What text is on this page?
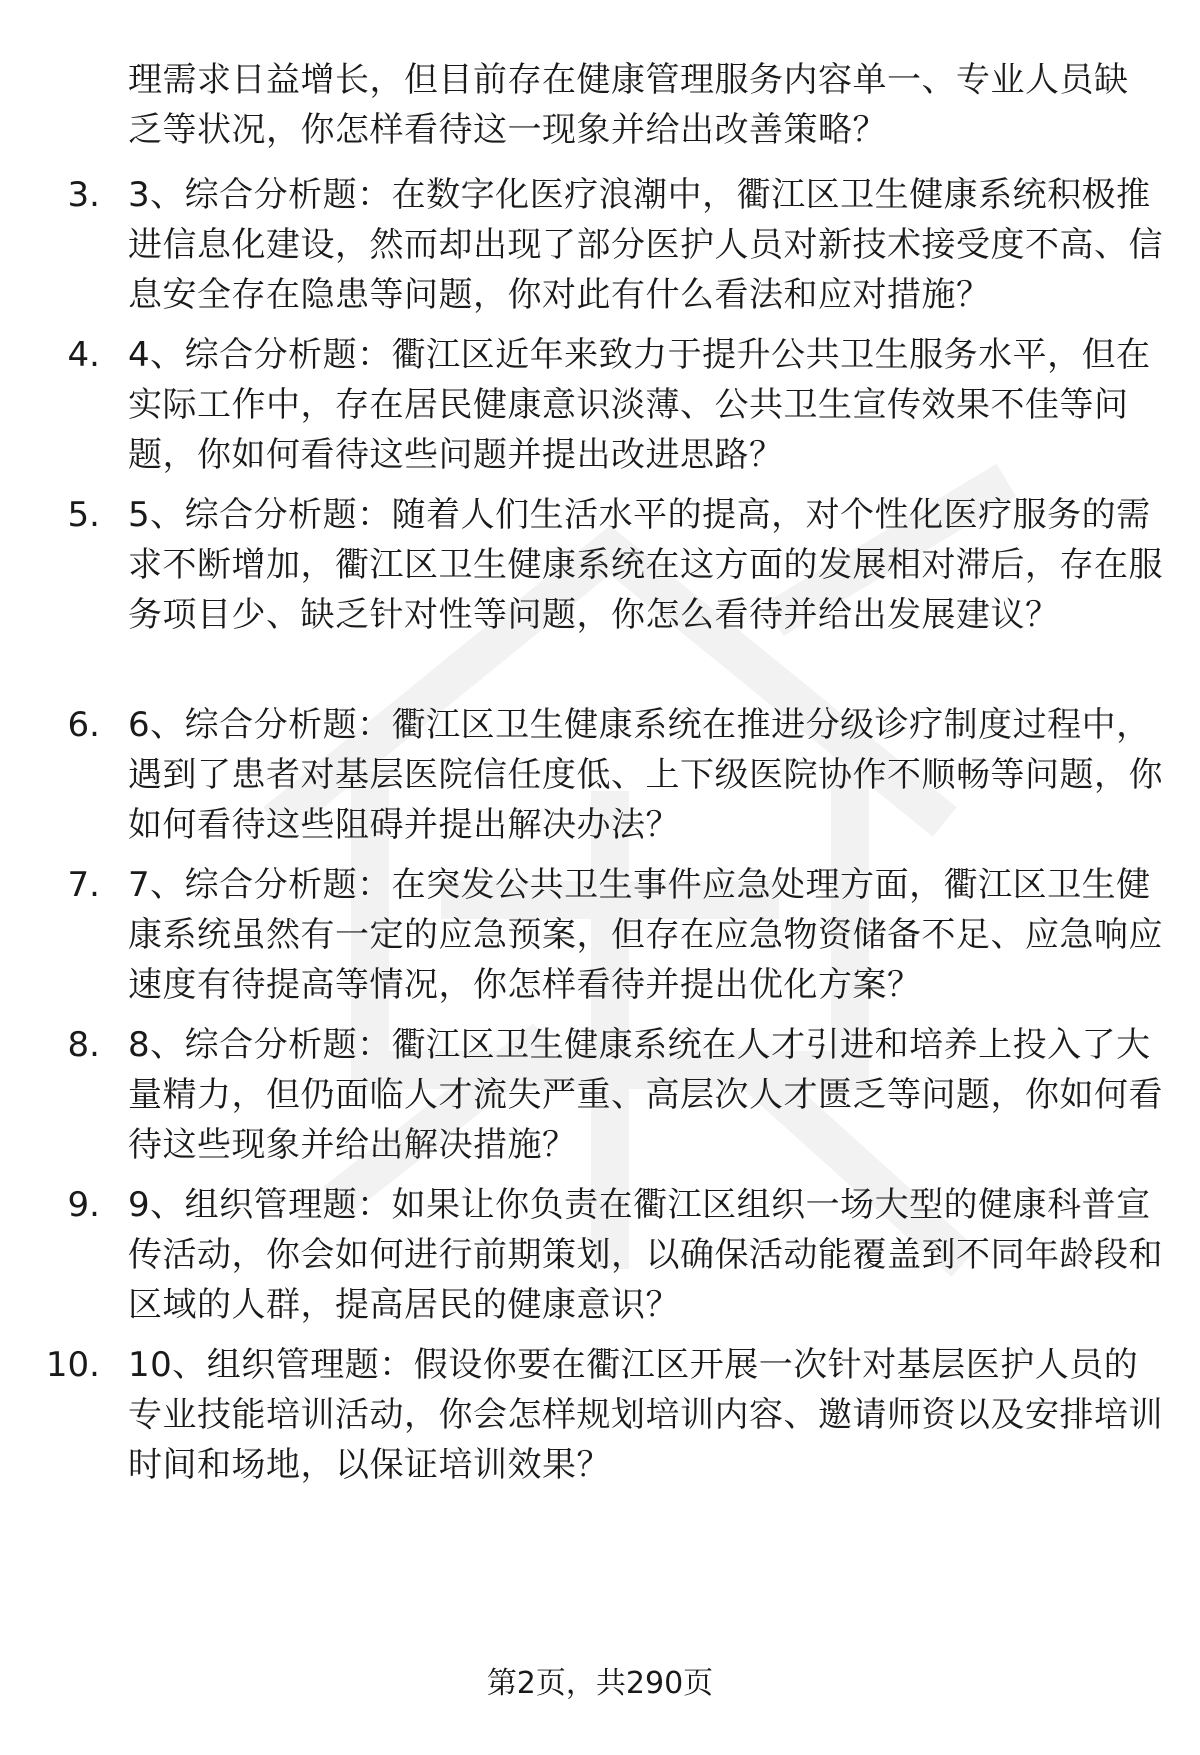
理需求日益增长，但目前存在健康管理服务内容单一、专业人员缺乏等状况，你怎样看待这一现象并给出改善策略？

3. 3、综合分析题：在数字化医疗浪潮中，衢江区卫生健康系统积极推进信息化建设，然而却出现了部分医护人员对新技术接受度不高、信息安全存在隐患等问题，你对此有什么看法和应对措施？

4. 4、综合分析题：衢江区近年来致力于提升公共卫生服务水平，但在实际工作中，存在居民健康意识淡薄、公共卫生宣传效果不佳等问题，你如何看待这些问题并提出改进思路？

5. 5、综合分析题：随着人们生活水平的提高，对个性化医疗服务的需求不断增加，衢江区卫生健康系统在这方面的发展相对滞后，存在服务项目少、缺乏针对性等问题，你怎么看待并给出发展建议？

6. 6、综合分析题：衢江区卫生健康系统在推进分级诊疗制度过程中，遇到了患者对基层医院信任度低、上下级医院协作不顺畅等问题，你如何看待这些阻碍并提出解决办法？

7. 7、综合分析题：在突发公共卫生事件应急处理方面，衢江区卫生健康系统虽然有一定的应急预案，但存在应急物资储备不足、应急响应速度有待提高等情况，你怎样看待并提出优化方案？

8. 8、综合分析题：衢江区卫生健康系统在人才引进和培养上投入了大量精力，但仍面临人才流失严重、高层次人才匮乏等问题，你如何看待这些现象并给出解决措施？

9. 9、组织管理题：如果让你负责在衢江区组织一场大型的健康科普宣传活动，你会如何进行前期策划，以确保活动能覆盖到不同年龄段和区域的人群，提高居民的健康意识？

10. 10、组织管理题：假设你要在衢江区开展一次针对基层医护人员的专业技能培训活动，你会怎样规划培训内容、邀请师资以及安排培训时间和场地，以保证培训效果？

第2页，共290页
